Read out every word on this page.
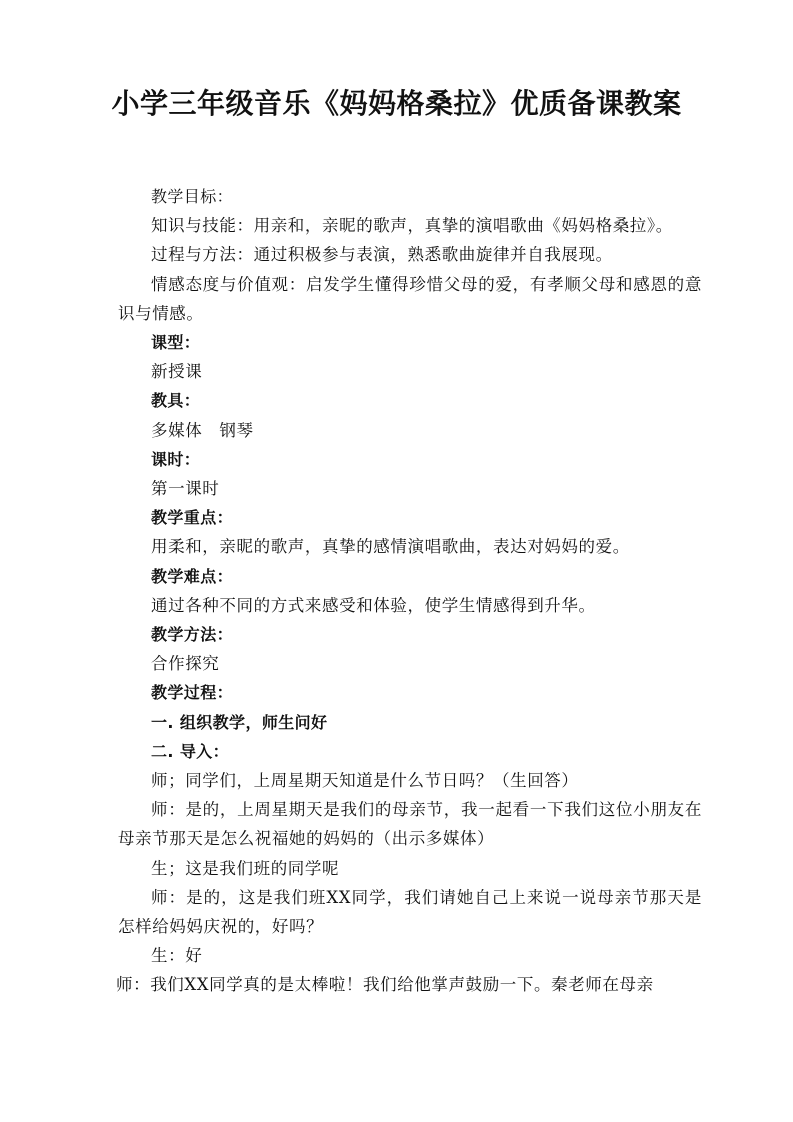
小学三年级音乐《妈妈格桑拉》优质备课教案

教学目标：

知识与技能：用亲和，亲昵的歌声，真挚的演唱歌曲《妈妈格桑拉》。

过程与方法：通过积极参与表演，熟悉歌曲旋律并自我展现。

情感态度与价值观：启发学生懂得珍惜父母的爱，有孝顺父母和感恩的意识与情感。

课型：

新授课

教具：

多媒体　钢琴

课时：

第一课时

教学重点：

用柔和，亲昵的歌声，真挚的感情演唱歌曲，表达对妈妈的爱。

教学难点：

通过各种不同的方式来感受和体验，使学生情感得到升华。

教学方法：

合作探究

教学过程：

一. 组织教学，师生问好

二. 导入：

师；同学们，上周星期天知道是什么节日吗？（生回答）

师：是的，上周星期天是我们的母亲节，我一起看一下我们这位小朋友在母亲节那天是怎么祝福她的妈妈的（出示多媒体）

生；这是我们班的同学呢

师：是的，这是我们班XX同学，我们请她自己上来说一说母亲节那天是怎样给妈妈庆祝的，好吗？

生：好

师：我们XX同学真的是太棒啦！我们给他掌声鼓励一下。秦老师在母亲
